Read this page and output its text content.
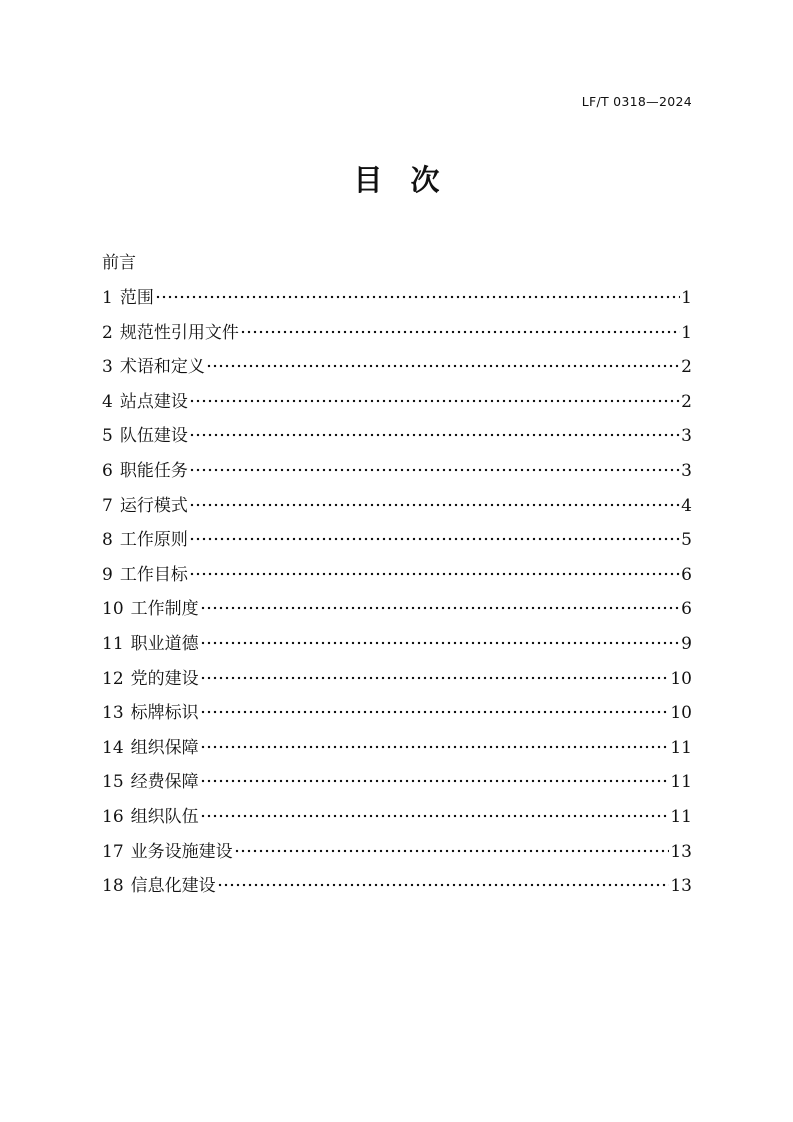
LF/T 0318—2024
目次
前言
1 范围	1
2 规范性引用文件	1
3 术语和定义	2
4 站点建设	2
5 队伍建设	3
6 职能任务	3
7 运行模式	4
8 工作原则	5
9 工作目标	6
10 工作制度	6
11 职业道德	9
12 党的建设	10
13 标牌标识	10
14 组织保障	11
15 经费保障	11
16 组织队伍	11
17 业务设施建设	13
18 信息化建设	13
